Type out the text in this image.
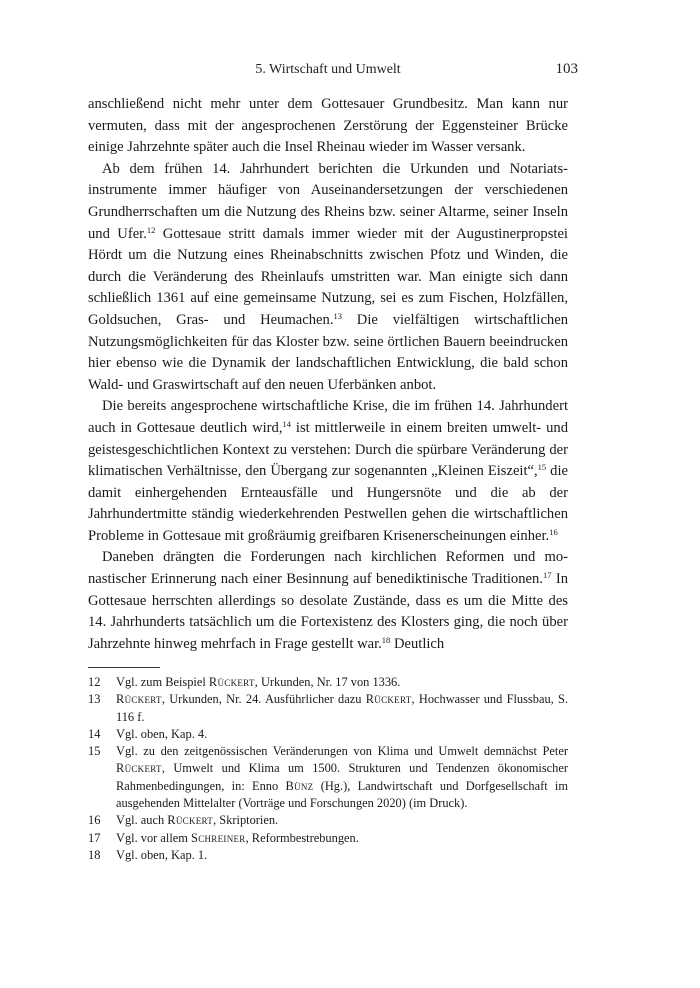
5. Wirtschaft und Umwelt	103

anschließend nicht mehr unter dem Gottesauer Grundbesitz. Man kann nur vermuten, dass mit der angesprochenen Zerstörung der Eggensteiner Brücke einige Jahrzehnte später auch die Insel Rheinau wieder im Wasser versank.

Ab dem frühen 14. Jahrhundert berichten die Urkunden und Notariatsinstrumente immer häufiger von Auseinandersetzungen der verschiedenen Grundherrschaften um die Nutzung des Rheins bzw. seiner Altarme, seiner Inseln und Ufer.$^{12}$ Gottesaue stritt damals immer wieder mit der Augustinerpropstei Hördt um die Nutzung eines Rheinabschnitts zwischen Pfotz und Winden, die durch die Veränderung des Rheinlaufs umstritten war. Man einigte sich dann schließlich 1361 auf eine gemeinsame Nutzung, sei es zum Fischen, Holzfällen, Goldsuchen, Gras- und Heumachen.$^{13}$ Die vielfältigen wirtschaftlichen Nutzungsmöglichkeiten für das Kloster bzw. seine örtlichen Bauern beeindrucken hier ebenso wie die Dynamik der landschaftlichen Entwicklung, die bald schon Wald- und Graswirtschaft auf den neuen Uferbänken anbot.

Die bereits angesprochene wirtschaftliche Krise, die im frühen 14. Jahrhundert auch in Gottesaue deutlich wird,$^{14}$ ist mittlerweile in einem breiten umwelt- und geistesgeschichtlichen Kontext zu verstehen: Durch die spürbare Veränderung der klimatischen Verhältnisse, den Übergang zur sogenannten „Kleinen Eiszeit“,$^{15}$ die damit einhergehenden Ernteausfälle und Hungersnöte und die ab der Jahrhundertmitte ständig wiederkehrenden Pestwellen gehen die wirtschaftlichen Probleme in Gottesaue mit großräumig greifbaren Krisenerscheinungen einher.$^{16}$

Daneben drängten die Forderungen nach kirchlichen Reformen und monastischer Erinnerung nach einer Besinnung auf benediktinische Traditionen.$^{17}$ In Gottesaue herrschten allerdings so desolate Zustände, dass es um die Mitte des 14. Jahrhunderts tatsächlich um die Fortexistenz des Klosters ging, die noch über Jahrzehnte hinweg mehrfach in Frage gestellt war.$^{18}$ Deutlich

12	Vgl. zum Beispiel Rückert, Urkunden, Nr. 17 von 1336.
13	Rückert, Urkunden, Nr. 24. Ausführlicher dazu Rückert, Hochwasser und Flussbau, S. 116 f.
14	Vgl. oben, Kap. 4.
15	Vgl. zu den zeitgenössischen Veränderungen von Klima und Umwelt demnächst Peter Rückert, Umwelt und Klima um 1500. Strukturen und Tendenzen ökonomischer Rahmenbedingungen, in: Enno Bünz (Hg.), Landwirtschaft und Dorfgesellschaft im ausgehenden Mittelalter (Vorträge und Forschungen 2020) (im Druck).
16	Vgl. auch Rückert, Skriptorien.
17	Vgl. vor allem Schreiner, Reformbestrebungen.
18	Vgl. oben, Kap. 1.
